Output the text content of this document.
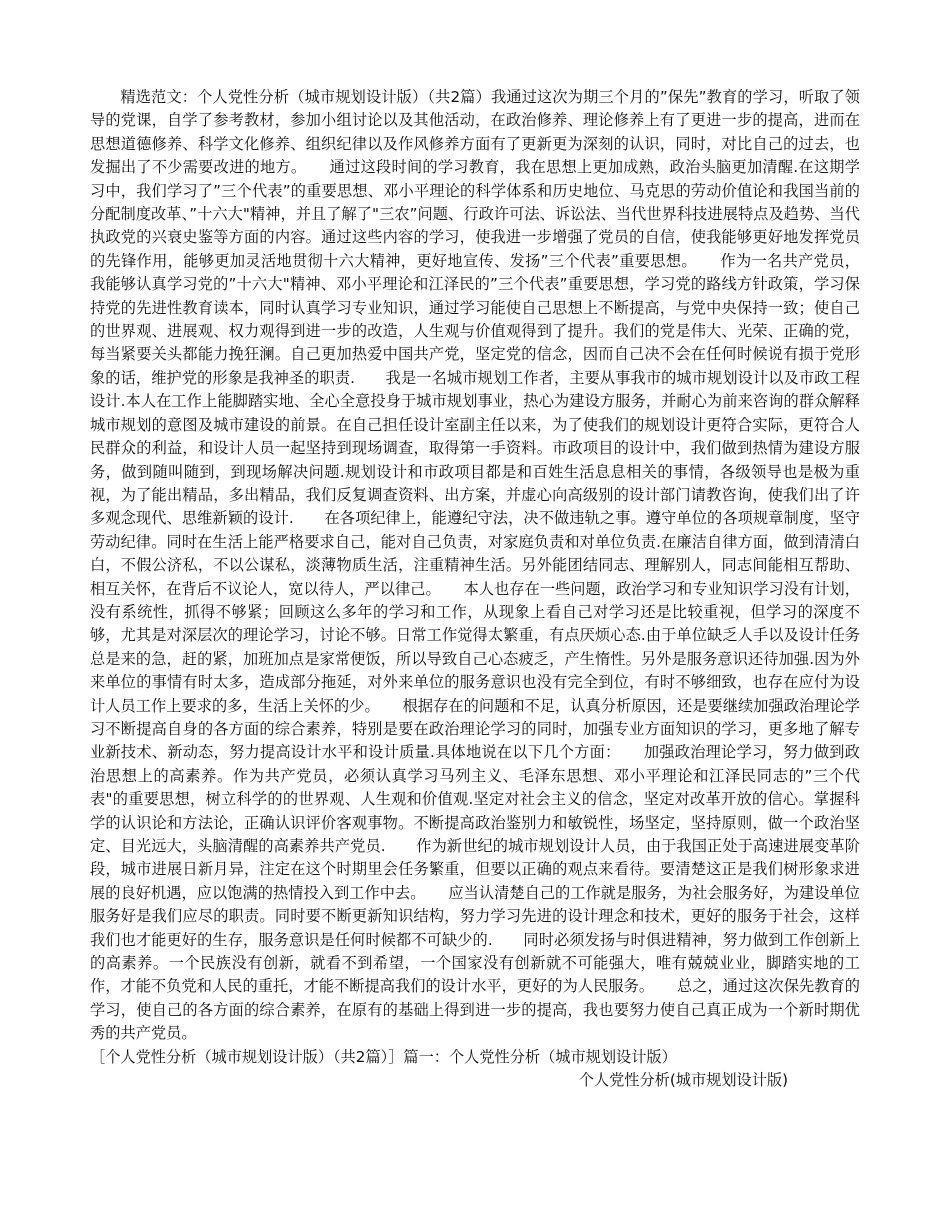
精选范文：个人党性分析（城市规划设计版）（共2篇）我通过这次为期三个月的”保先”教育的学习，听取了领导的党课，自学了参考教材，参加小组讨论以及其他活动，在政治修养、理论修养上有了更进一步的提高，进而在思想道德修养、科学文化修养、组织纪律以及作风修养方面有了更新更为深刻的认识，同时，对比自己的过去，也发掘出了不少需要改进的地方。　　通过这段时间的学习教育，我在思想上更加成熟，政治头脑更加清醒.在这期学习中，我们学习了”三个代表”的重要思想、邓小平理论的科学体系和历史地位、马克思的劳动价值论和我国当前的分配制度改革、”十六大"精神，并且了解了"三农”问题、行政许可法、诉讼法、当代世界科技进展特点及趋势、当代执政党的兴衰史鉴等方面的内容。通过这些内容的学习，使我进一步增强了党员的自信，使我能够更好地发挥党员的先锋作用，能够更加灵活地贯彻十六大精神，更好地宣传、发扬”三个代表”重要思想。　　作为一名共产党员，我能够认真学习党的”十六大"精神、邓小平理论和江泽民的”三个代表”重要思想，学习党的路线方针政策，学习保持党的先进性教育读本，同时认真学习专业知识，通过学习能使自己思想上不断提高，与党中央保持一致；使自己的世界观、进展观、权力观得到进一步的改造，人生观与价值观得到了提升。我们的党是伟大、光荣、正确的党，每当紧要关头都能力挽狂澜。自己更加热爱中国共产党，坚定党的信念，因而自己决不会在任何时候说有损于党形象的话，维护党的形象是我神圣的职责.　　我是一名城市规划工作者，主要从事我市的城市规划设计以及市政工程设计.本人在工作上能脚踏实地、全心全意投身于城市规划事业，热心为建设方服务，并耐心为前来咨询的群众解释城市规划的意图及城市建设的前景。在自己担任设计室副主任以来，为了使我们的规划设计更符合实际，更符合人民群众的利益，和设计人员一起坚持到现场调查，取得第一手资料。市政项目的设计中，我们做到热情为建设方服务，做到随叫随到，到现场解决问题.规划设计和市政项目都是和百姓生活息息相关的事情，各级领导也是极为重视，为了能出精品，多出精品，我们反复调查资料、出方案，并虚心向高级别的设计部门请教咨询，使我们出了许多观念现代、思维新颖的设计.　　在各项纪律上，能遵纪守法，决不做违轨之事。遵守单位的各项规章制度，坚守劳动纪律。同时在生活上能严格要求自己，能对自己负责，对家庭负责和对单位负责.在廉洁自律方面，做到清清白白，不假公济私，不以公谋私，淡薄物质生活，注重精神生活。另外能团结同志、理解别人，同志间能相互帮助、相互关怀，在背后不议论人，宽以待人，严以律己。　　本人也存在一些问题，政治学习和专业知识学习没有计划，没有系统性，抓得不够紧；回顾这么多年的学习和工作，从现象上看自己对学习还是比较重视，但学习的深度不够，尤其是对深层次的理论学习，讨论不够。日常工作觉得太繁重，有点厌烦心态.由于单位缺乏人手以及设计任务总是来的急，赶的紧，加班加点是家常便饭，所以导致自己心态疲乏，产生惰性。另外是服务意识还待加强.因为外来单位的事情有时太多，造成部分拖延，对外来单位的服务意识也没有完全到位，有时不够细致，也存在应付为设计人员工作上要求的多，生活上关怀的少。　　根据存在的问题和不足，认真分析原因，还是要继续加强政治理论学习不断提高自身的各方面的综合素养，特别是要在政治理论学习的同时，加强专业方面知识的学习，更多地了解专业新技术、新动态，努力提高设计水平和设计质量.具体地说在以下几个方面：　　加强政治理论学习，努力做到政治思想上的高素养。作为共产党员，必须认真学习马列主义、毛泽东思想、邓小平理论和江泽民同志的”三个代表"的重要思想，树立科学的的世界观、人生观和价值观.坚定对社会主义的信念，坚定对改革开放的信心。掌握科学的认识论和方法论，正确认识评价客观事物。不断提高政治鉴别力和敏锐性，场坚定，坚持原则，做一个政治坚定、目光远大，头脑清醒的高素养共产党员.　　作为新世纪的城市规划设计人员，由于我国正处于高速进展变革阶段，城市进展日新月异，注定在这个时期里会任务繁重，但要以正确的观点来看待。要清楚这正是我们树形象求进展的良好机遇，应以饱满的热情投入到工作中去。　　应当认清楚自己的工作就是服务，为社会服务好，为建设单位服务好是我们应尽的职责。同时要不断更新知识结构，努力学习先进的设计理念和技术，更好的服务于社会，这样我们也才能更好的生存，服务意识是任何时候都不可缺少的.　　同时必须发扬与时俱进精神，努力做到工作创新上的高素养。一个民族没有创新，就看不到希望，一个国家没有创新就不可能强大，唯有兢兢业业，脚踏实地的工作，才能不负党和人民的重托，才能不断提高我们的设计水平，更好的为人民服务。　　总之，通过这次保先教育的学习，使自己的各方面的综合素养，在原有的基础上得到进一步的提高，我也要努力使自己真正成为一个新时期优秀的共产党员。

［个人党性分析（城市规划设计版）（共2篇）］篇一：个人党性分析（城市规划设计版）

个人党性分析(城市规划设计版)
